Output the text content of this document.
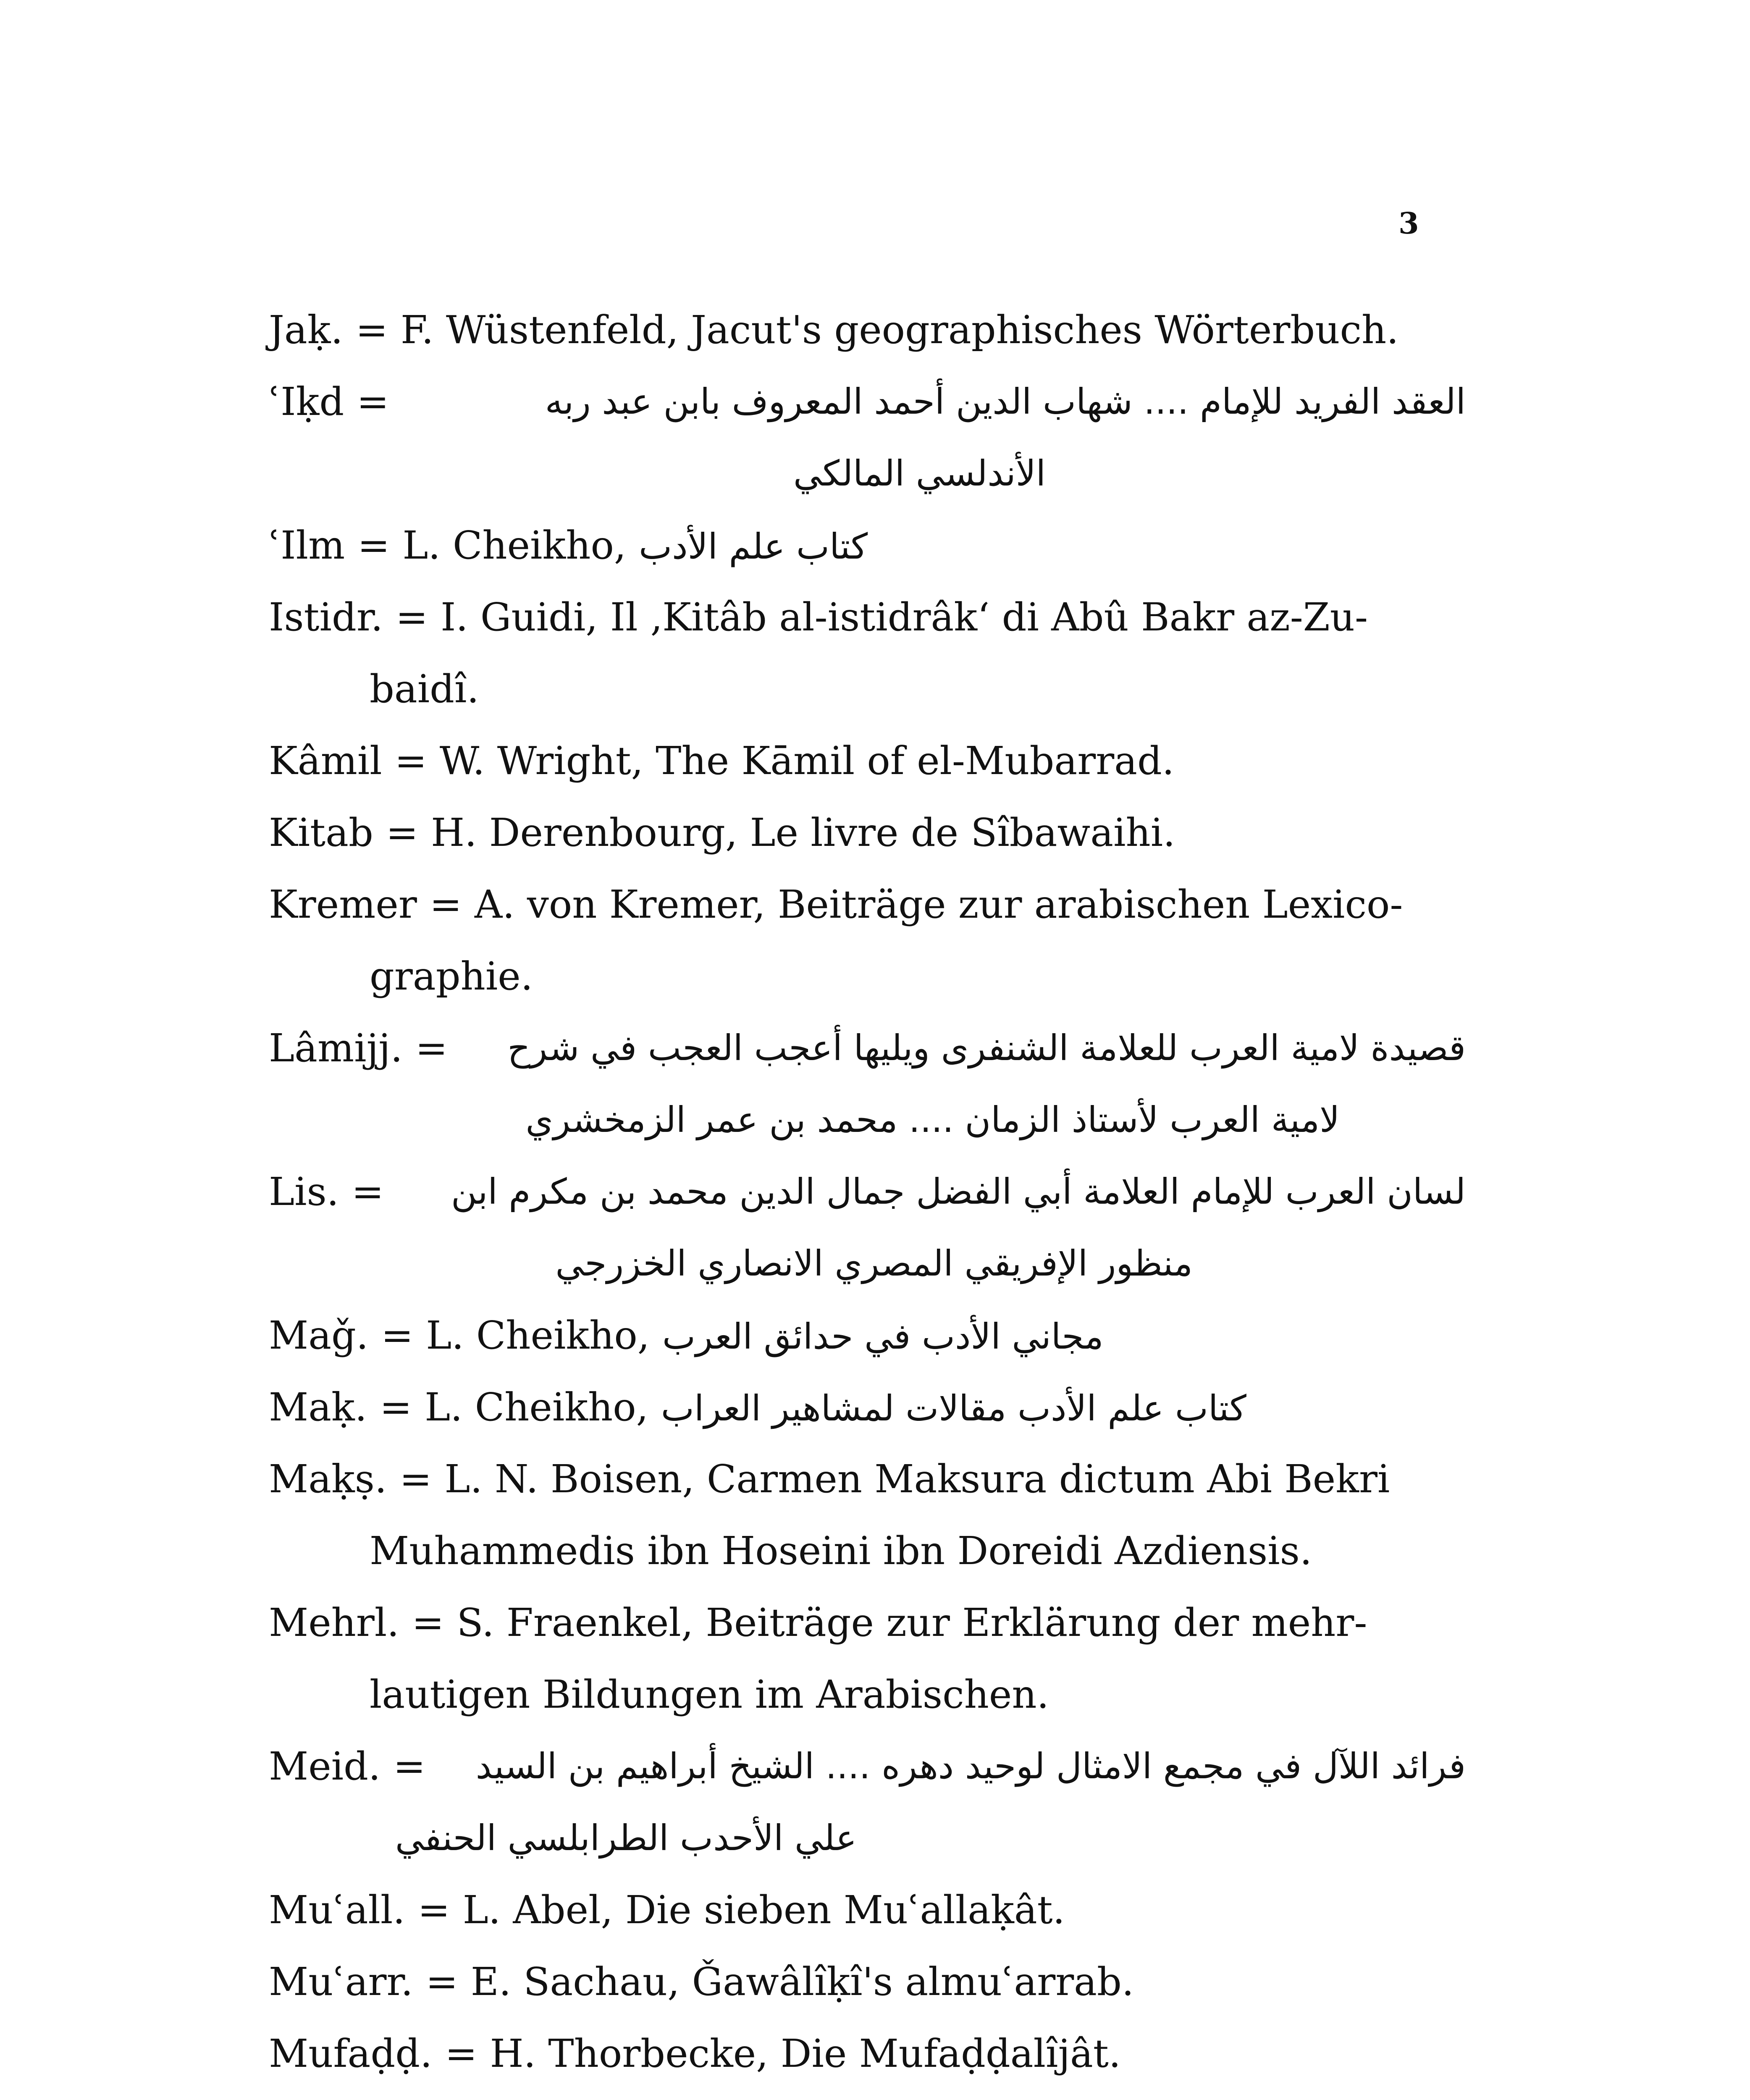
3
Jaḳ. = F. Wüstenfeld, Jacut's geographisches Wörterbuch.
ʿIḳd =	العقد الفريد للإمام .... شهاب الدين أحمد المعروف بابن عبد ربه
الأندلسي المالكي
ʿIlm = L. Cheikho, كتاب علم الأدب
Istidr. = I. Guidi, Il ‚Kitâb al-istidrâk‘ di Abû Bakr az-Zu-
baidî.
Kâmil = W. Wright, The Kāmil of el-Mubarrad.
Kitab = H. Derenbourg, Le livre de Sîbawaihi.
Kremer = A. von Kremer, Beiträge zur arabischen Lexico-
graphie.
Lâmijj. = قصيدة لامية العرب للعلامة الشنفرى ويليها أعجب العجب في شرح
لامية العرب لأستاذ الزمان .... محمد بن عمر الزمخشري
Lis. = لسان العرب للإمام العلامة أبي الفضل جمال الدين محمد بن مكرم ابن
منظور الإفريقي المصري الانصاري الخزرجي
Maǧ. = L. Cheikho, مجاني الأدب في حدائق العرب
Maḳ. = L. Cheikho, كتاب علم الأدب مقالات لمشاهير العراب
Maḳṣ. = L. N. Boisen, Carmen Maksura dictum Abi Bekri
Muhammedis ibn Hoseini ibn Doreidi Azdiensis.
Mehrl. = S. Fraenkel, Beiträge zur Erklärung der mehr-
lautigen Bildungen im Arabischen.
Meid. = فرائد اللآل في مجمع الامثال لوحيد دهره .... الشيخ أبراهيم بن السيد
علي الأحدب الطرابلسي الحنفي
Muʿall. = L. Abel, Die sieben Muʿallaḳât.
Muʿarr. = E. Sachau, Ǧawâlîḳî's almuʿarrab.
Mufaḍḍ. = H. Thorbecke, Die Mufaḍḍalîjât.
